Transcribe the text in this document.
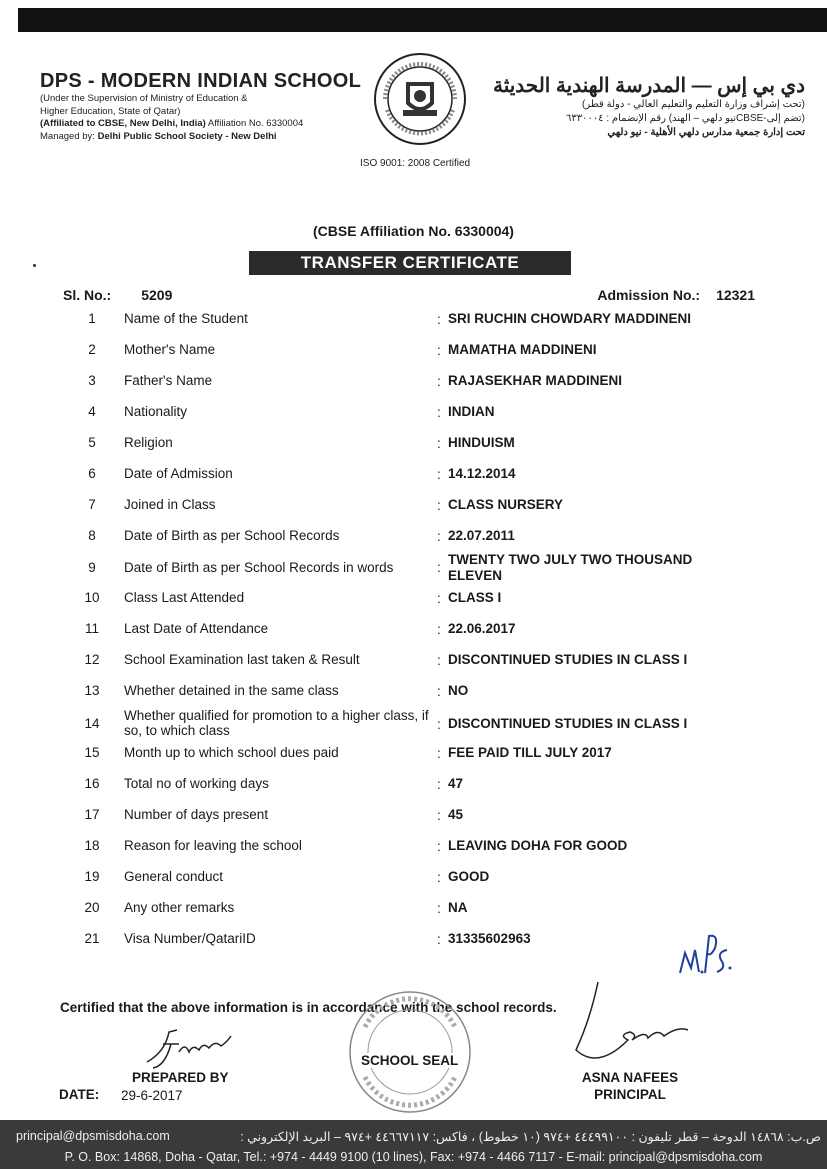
DPS - MODERN INDIAN SCHOOL
(Under the Supervision of Ministry of Education &
Higher Education, State of Qatar)
(Affiliated to CBSE, New Delhi, India) Affiliation No. 6330004
Managed by: Delhi Public School Society - New Delhi
ISO 9001: 2008 Certified
دي بي إس — المدرسة الهندية الحديثة
(تحت إشراف وزارة التعليم والتعليم العالي - دولة قطر)
(تضم إلى-CBSEنيو دلهي – الهند) رقم الإنضمام : ٦٣٣٠٠٠٤
تحت إدارة جمعية مدارس دلهي الأهلية - نيو دلهي
(CBSE Affiliation No. 6330004)
TRANSFER CERTIFICATE
Sl. No.: 5209	Admission No.: 12321
1	Name of the Student	: SRI RUCHIN CHOWDARY MADDINENI
2	Mother's Name	: MAMATHA MADDINENI
3	Father's Name	: RAJASEKHAR MADDINENI
4	Nationality	: INDIAN
5	Religion	: HINDUISM
6	Date of Admission	: 14.12.2014
7	Joined in Class	: CLASS NURSERY
8	Date of Birth as per School Records	: 22.07.2011
9	Date of Birth as per School Records in words	:
TWENTY TWO JULY TWO THOUSAND ELEVEN
10	Class Last Attended	: CLASS I
11	Last Date of Attendance	: 22.06.2017
12	School Examination last taken & Result	: DISCONTINUED STUDIES IN CLASS I
13	Whether detained in the same class	: NO
14
Whether qualified for promotion to a higher class, if so, to which class	: DISCONTINUED STUDIES IN CLASS I
15	Month up to which school dues paid	: FEE PAID TILL JULY 2017
16	Total no of working days	: 47
17	Number of days present	: 45
18	Reason for leaving the school	: LEAVING DOHA FOR GOOD
19	General conduct	: GOOD
20	Any other remarks	: NA
21	Visa Number/QatariID	: 31335602963
Certified that the above information is in accordance with the school records.
PREPARED BY
DATE: 29-6-2017
SCHOOL SEAL
ASNA NAFEES
PRINCIPAL
principal@dpsmisdoha.com	ص.ب: ١٤٨٦٨ الدوحة – قطر تليفون : ٤٤٤٩٩١٠٠ +٩٧٤ (١٠ خطوط) ، فاكس: ٤٤٦٦٧١١٧ +٩٧٤ – البريد الإلكتروني :
P. O. Box: 14868, Doha - Qatar, Tel.: +974 - 4449 9100 (10 lines), Fax: +974 - 4466 7117 - E-mail: principal@dpsmisdoha.com
